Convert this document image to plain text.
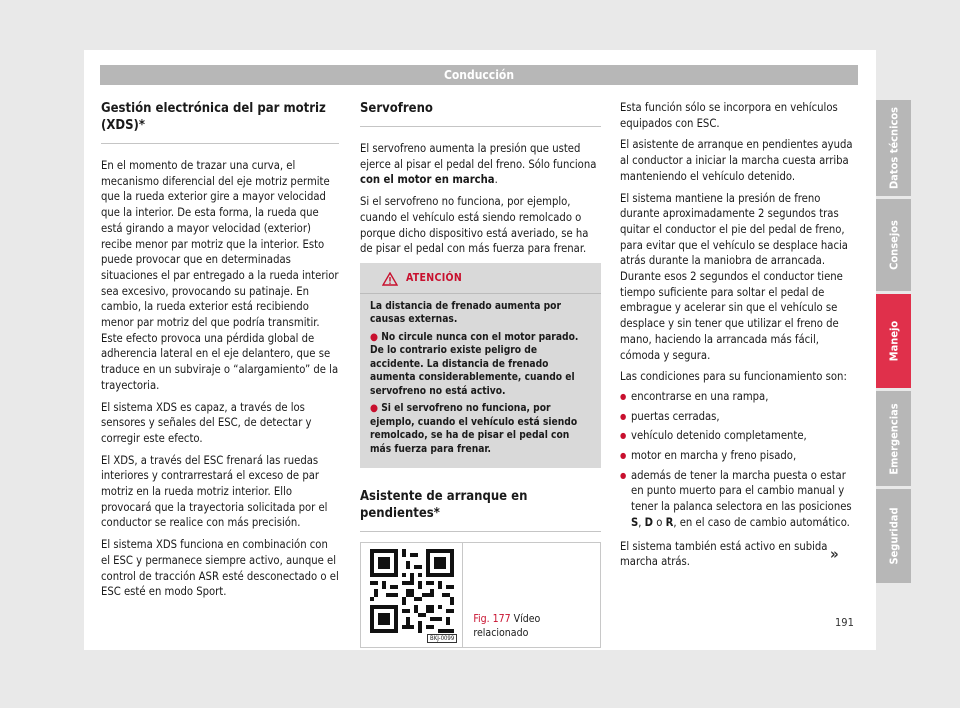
Conducción
Gestión electrónica del par motriz (XDS)*

En el momento de trazar una curva, el mecanismo diferencial del eje motriz permite que la rueda exterior gire a mayor velocidad que la interior. De esta forma, la rueda que está girando a mayor velocidad (exterior) recibe menor par motriz que la interior. Esto puede provocar que en determinadas situaciones el par entregado a la rueda interior sea excesivo, provocando su patinaje. En cambio, la rueda exterior está recibiendo menor par motriz del que podría transmitir. Este efecto provoca una pérdida global de adherencia lateral en el eje delantero, que se traduce en un subviraje o “alargamiento” de la trayectoria.

El sistema XDS es capaz, a través de los sensores y señales del ESC, de detectar y corregir este efecto.

El XDS, a través del ESC frenará las ruedas interiores y contrarrestará el exceso de par motriz en la rueda motriz interior. Ello provocará que la trayectoria solicitada por el conductor se realice con más precisión.

El sistema XDS funciona en combinación con el ESC y permanece siempre activo, aunque el control de tracción ASR esté desconectado o el ESC esté en modo Sport.

Servofreno

El servofreno aumenta la presión que usted ejerce al pisar el pedal del freno. Sólo funciona con el motor en marcha.

Si el servofreno no funciona, por ejemplo, cuando el vehículo está siendo remolcado o porque dicho dispositivo está averiado, se ha de pisar el pedal con más fuerza para frenar.

ATENCIÓN

La distancia de frenado aumenta por causas externas.

● No circule nunca con el motor parado. De lo contrario existe peligro de accidente. La distancia de frenado aumenta considerablemente, cuando el servofreno no está activo.

● Si el servofreno no funciona, por ejemplo, cuando el vehículo está siendo remolcado, se ha de pisar el pedal con más fuerza para frenar.

Asistente de arranque en pendientes*
BKJ-0099
Fig. 177 Vídeo relacionado

Esta función sólo se incorpora en vehículos equipados con ESC.

El asistente de arranque en pendientes ayuda al conductor a iniciar la marcha cuesta arriba manteniendo el vehículo detenido.

El sistema mantiene la presión de freno durante aproximadamente 2 segundos tras quitar el conductor el pie del pedal de freno, para evitar que el vehículo se desplace hacia atrás durante la maniobra de arrancada. Durante esos 2 segundos el conductor tiene tiempo suficiente para soltar el pedal de embrague y acelerar sin que el vehículo se desplace y sin tener que utilizar el freno de mano, haciendo la arrancada más fácil, cómoda y segura.

Las condiciones para su funcionamiento son:

● encontrarse en una rampa,
● puertas cerradas,
● vehículo detenido completamente,
● motor en marcha y freno pisado,
● además de tener la marcha puesta o estar en punto muerto para el cambio manual y tener la palanca selectora en las posiciones S, D o R, en el caso de cambio automático.

El sistema también está activo en subida marcha atrás.	»
191
Datos técnicos
Consejos
Manejo
Emergencias
Seguridad
